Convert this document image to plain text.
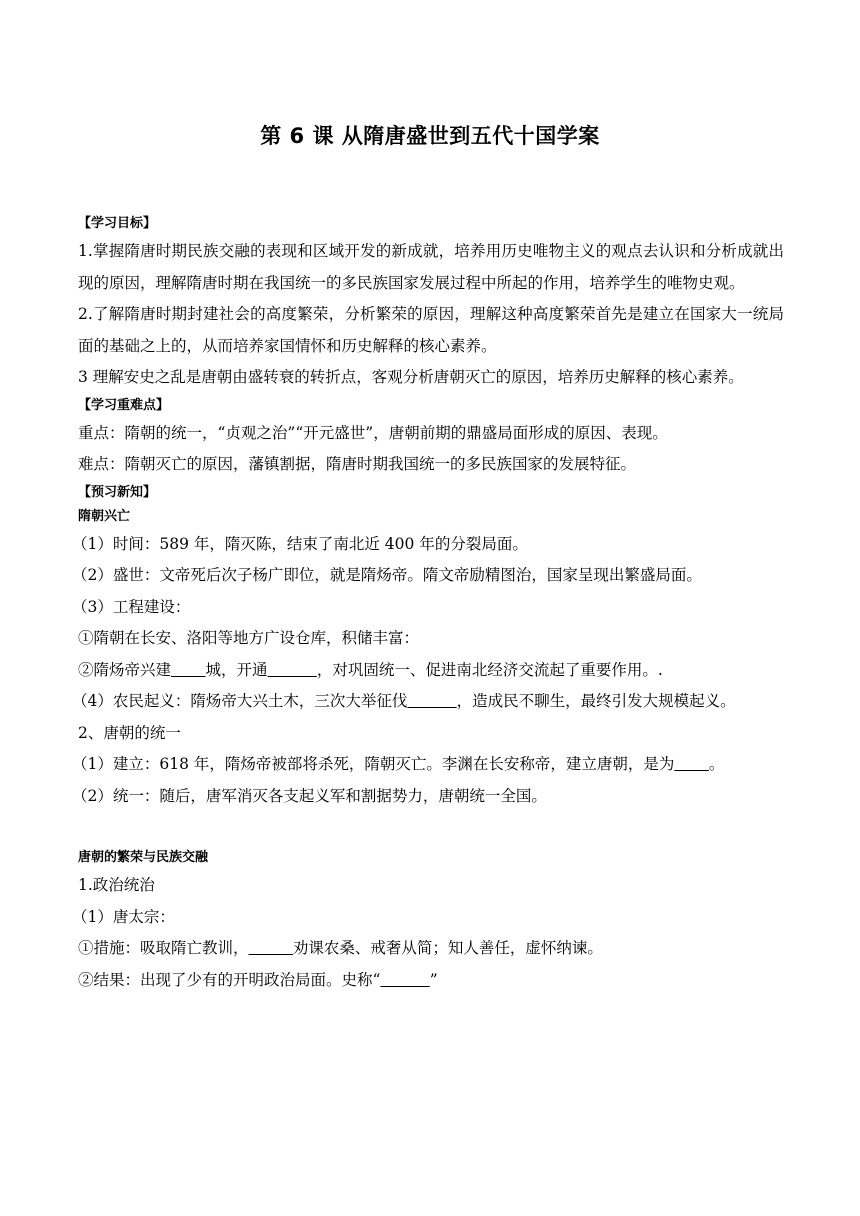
第 6 课 从隋唐盛世到五代十国学案
【学习目标】
1.掌握隋唐时期民族交融的表现和区域开发的新成就，培养用历史唯物主义的观点去认识和分析成就出现的原因，理解隋唐时期在我国统一的多民族国家发展过程中所起的作用，培养学生的唯物史观。
2.了解隋唐时期封建社会的高度繁荣，分析繁荣的原因，理解这种高度繁荣首先是建立在国家大一统局面的基础之上的，从而培养家国情怀和历史解释的核心素养。
3 理解安史之乱是唐朝由盛转衰的转折点，客观分析唐朝灭亡的原因，培养历史解释的核心素养。
【学习重难点】
重点：隋朝的统一，“贞观之治”“开元盛世”，唐朝前期的鼎盛局面形成的原因、表现。
难点：隋朝灭亡的原因，藩镇割据，隋唐时期我国统一的多民族国家的发展特征。
【预习新知】
隋朝兴亡
（1）时间：589 年，隋灭陈，结束了南北近 400 年的分裂局面。
（2）盛世：文帝死后次子杨广即位，就是隋炀帝。隋文帝励精图治，国家呈现出繁盛局面。
（3）工程建设：
①隋朝在长安、洛阳等地方广设仓库，积储丰富：
②隋炀帝兴建 城，开通	，对巩固统一、促进南北经济交流起了重要作用。.
（4）农民起义：隋炀帝大兴土木，三次大举征伐	，造成民不聊生，最终引发大规模起义。
2、唐朝的统一
（1）建立：618 年，隋炀帝被部将杀死，隋朝灭亡。李渊在长安称帝，建立唐朝，是为 。
（2）统一：随后，唐军消灭各支起义军和割据势力，唐朝统一全国。
唐朝的繁荣与民族交融
1.政治统治
（1）唐太宗：
①措施：吸取隋亡教训，	劝课农桑、戒奢从简；知人善任，虚怀纳谏。
②结果：出现了少有的开明政治局面。史称“	”
